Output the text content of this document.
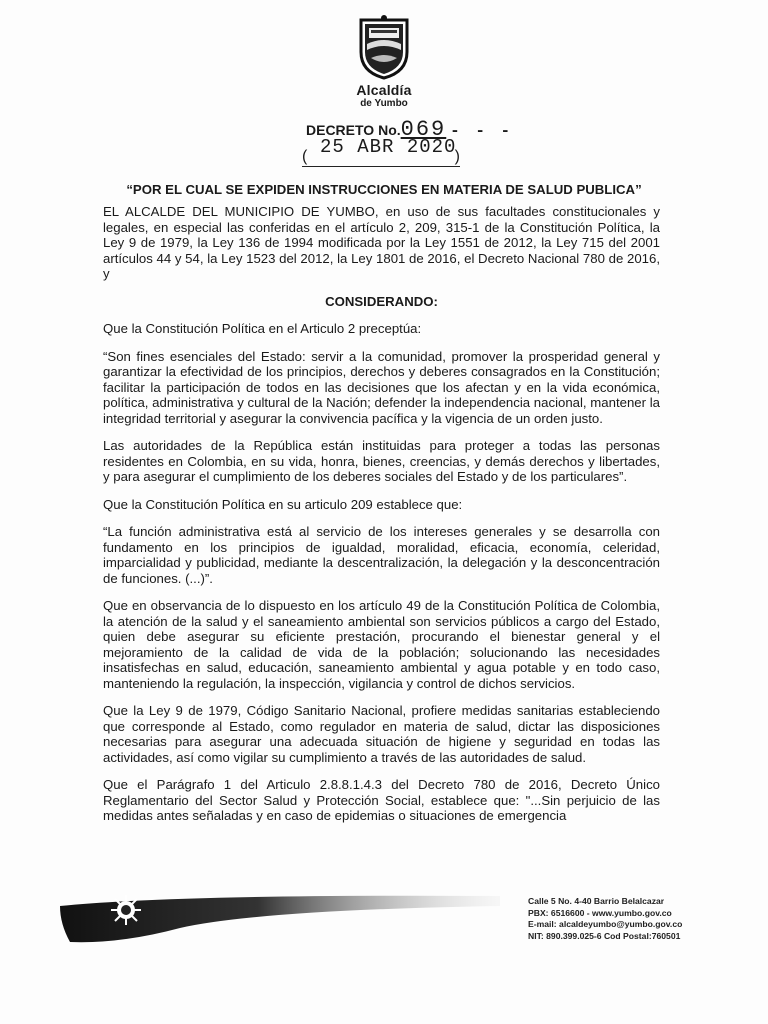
Alcaldía
de Yumbo
DECRETO No.069 - - -
( 25 ABR 2020
)
“POR EL CUAL SE EXPIDEN INSTRUCCIONES EN MATERIA DE SALUD PUBLICA”

EL ALCALDE DEL MUNICIPIO DE YUMBO, en uso de sus facultades constitucionales y legales, en especial las conferidas en el artículo 2, 209, 315-1 de la Constitución Política, la Ley 9 de 1979, la Ley 136 de 1994 modificada por la Ley 1551 de 2012, la Ley 715 del 2001 artículos 44 y 54, la Ley 1523 del 2012, la Ley 1801 de 2016, el Decreto Nacional 780 de 2016, y

CONSIDERANDO:

Que la Constitución Política en el Articulo 2 preceptúa:

“Son fines esenciales del Estado: servir a la comunidad, promover la prosperidad general y garantizar la efectividad de los principios, derechos y deberes consagrados en la Constitución; facilitar la participación de todos en las decisiones que los afectan y en la vida económica, política, administrativa y cultural de la Nación; defender la independencia nacional, mantener la integridad territorial y asegurar la convivencia pacífica y la vigencia de un orden justo.

Las autoridades de la República están instituidas para proteger a todas las personas residentes en Colombia, en su vida, honra, bienes, creencias, y demás derechos y libertades, y para asegurar el cumplimiento de los deberes sociales del Estado y de los particulares”.

Que la Constitución Política en su articulo 209 establece que:

“La función administrativa está al servicio de los intereses generales y se desarrolla con fundamento en los principios de igualdad, moralidad, eficacia, economía, celeridad, imparcialidad y publicidad, mediante la descentralización, la delegación y la desconcentración de funciones. (...)”.

Que en observancia de lo dispuesto en los artículo 49 de la Constitución Política de Colombia, la atención de la salud y el saneamiento ambiental son servicios públicos a cargo del Estado, quien debe asegurar su eficiente prestación, procurando el bienestar general y el mejoramiento de la calidad de vida de la población; solucionando las necesidades insatisfechas en salud, educación, saneamiento ambiental y agua potable y en todo caso, manteniendo la regulación, la inspección, vigilancia y control de dichos servicios.

Que la Ley 9 de 1979, Código Sanitario Nacional, profiere medidas sanitarias estableciendo que corresponde al Estado, como regulador en materia de salud, dictar las disposiciones necesarias para asegurar una adecuada situación de higiene y seguridad en todas las actividades, así como vigilar su cumplimiento a través de las autoridades de salud.

Que el Parágrafo 1 del Articulo 2.8.8.1.4.3 del Decreto 780 de 2016, Decreto Único Reglamentario del Sector Salud y Protección Social, establece que: "...Sin perjuicio de las medidas antes señaladas y en caso de epidemias o situaciones de emergencia

Calle 5 No. 4-40 Barrio Belalcazar
PBX: 6516600 - www.yumbo.gov.co
E-mail: alcaldeyumbo@yumbo.gov.co
NIT: 890.399.025-6 Cod Postal:760501
